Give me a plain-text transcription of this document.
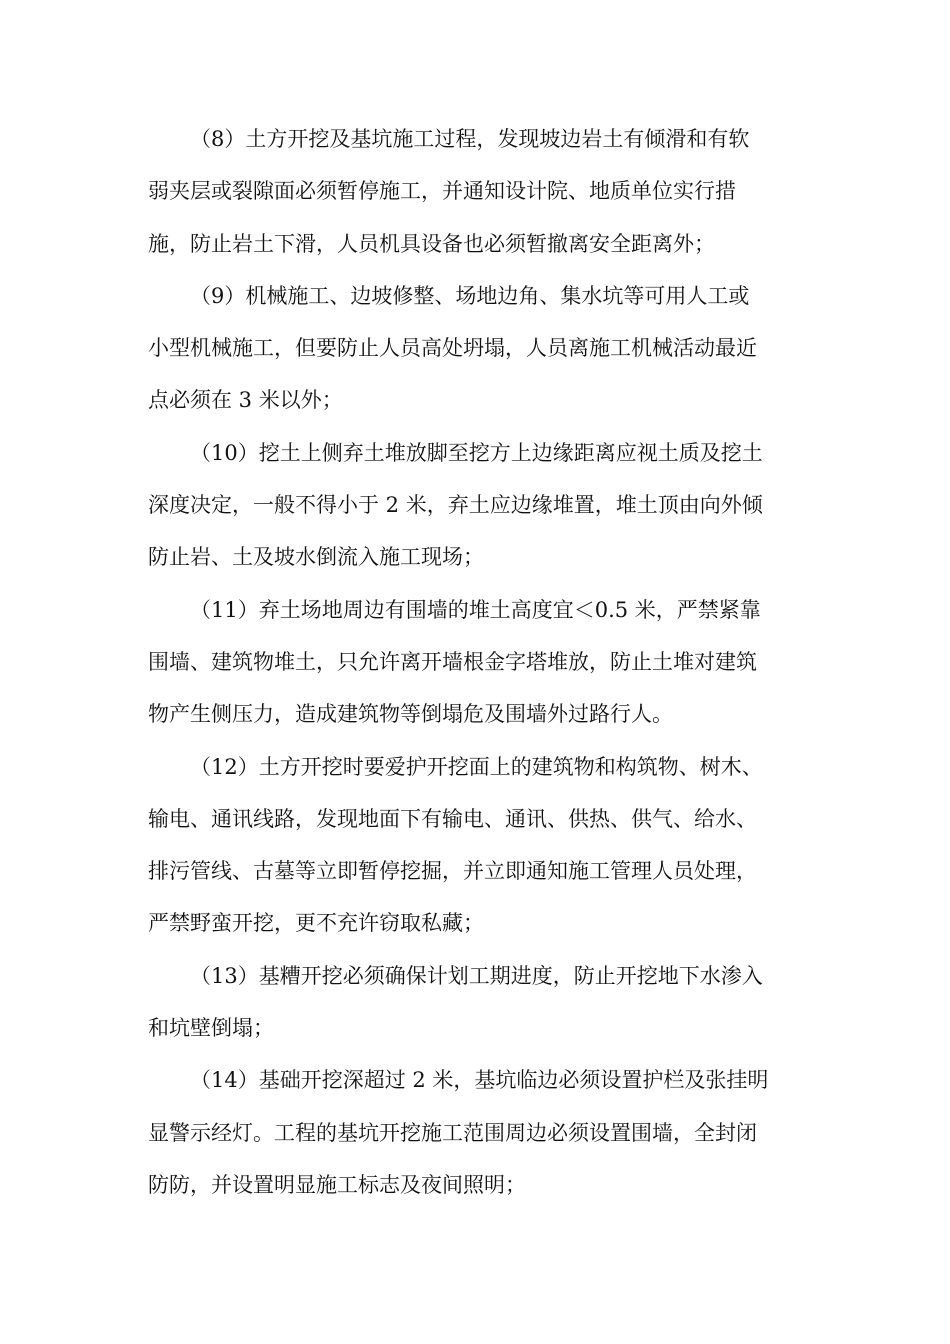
（8）土方开挖及基坑施工过程，发现坡边岩土有倾滑和有软
弱夹层或裂隙面必须暂停施工，并通知设计院、地质单位实行措
施，防止岩土下滑，人员机具设备也必须暂撤离安全距离外；
（9）机械施工、边坡修整、场地边角、集水坑等可用人工或
小型机械施工，但要防止人员高处坍塌，人员离施工机械活动最近
点必须在 3 米以外；
（10）挖土上侧弃土堆放脚至挖方上边缘距离应视土质及挖土
深度决定，一般不得小于 2 米，弃土应边缘堆置，堆土顶由向外倾
防止岩、土及坡水倒流入施工现场；
（11）弃土场地周边有围墙的堆土高度宜＜0.5 米，严禁紧靠
围墙、建筑物堆土，只允许离开墙根金字塔堆放，防止土堆对建筑
物产生侧压力，造成建筑物等倒塌危及围墙外过路行人。
（12）土方开挖时要爱护开挖面上的建筑物和构筑物、树木、
输电、通讯线路，发现地面下有输电、通讯、供热、供气、给水、
排污管线、古墓等立即暂停挖掘，并立即通知施工管理人员处理，
严禁野蛮开挖，更不充许窃取私藏；
（13）基糟开挖必须确保计划工期进度，防止开挖地下水渗入
和坑壁倒塌；
（14）基础开挖深超过 2 米，基坑临边必须设置护栏及张挂明
显警示经灯。工程的基坑开挖施工范围周边必须设置围墙，全封闭
防防，并设置明显施工标志及夜间照明；
